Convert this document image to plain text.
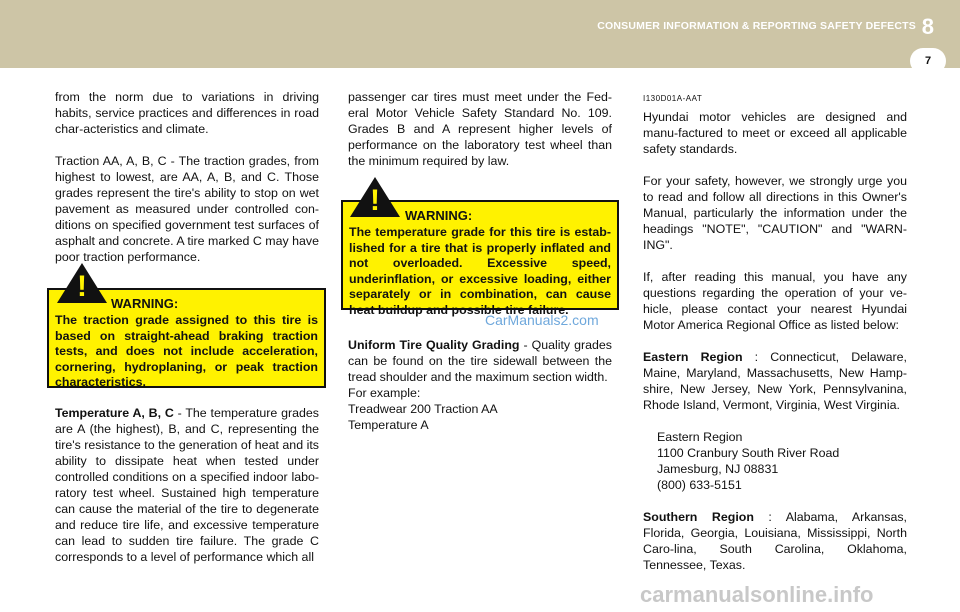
CONSUMER INFORMATION & REPORTING SAFETY DEFECTS 8
7

from the norm due to variations in driving habits, service practices and differences in road char-acteristics and climate.

Traction AA, A, B, C - The traction grades, from highest to lowest, are AA, A, B, and C. Those grades represent the tire's ability to stop on wet pavement as measured under controlled con-ditions on specified government test surfaces of asphalt and concrete. A tire marked C may have poor traction performance.

WARNING:
The traction grade assigned to this tire is based on straight-ahead braking traction tests, and does not include acceleration, cornering, hydroplaning, or peak traction characteristics.
!

Temperature A, B, C - The temperature grades are A (the highest), B, and C, representing the tire's resistance to the generation of heat and its ability to dissipate heat when tested under controlled conditions on a specified indoor labo-ratory test wheel. Sustained high temperature can cause the material of the tire to degenerate and reduce tire life, and excessive temperature can lead to sudden tire failure. The grade C corresponds to a level of performance which all

passenger car tires must meet under the Fed-eral Motor Vehicle Safety Standard No. 109. Grades B and A represent higher levels of performance on the laboratory test wheel than the minimum required by law.

WARNING:
The temperature grade for this tire is estab-lished for a tire that is properly inflated and not overloaded. Excessive speed, underinflation, or excessive loading, either separately or in combination, can cause heat buildup and possible tire failure.
!
CarManuals2.com
Uniform Tire Quality Grading - Quality grades can be found on the tire sidewall between the tread shoulder and the maximum section width.
For example:
Treadwear 200 Traction AA
Temperature A
I130D01A-AAT

Hyundai motor vehicles are designed and manu-factured to meet or exceed all applicable safety standards.

For your safety, however, we strongly urge you to read and follow all directions in this Owner's Manual, particularly the information under the headings "NOTE", "CAUTION" and "WARN-ING".

If, after reading this manual, you have any questions regarding the operation of your ve-hicle, please contact your nearest Hyundai Motor America Regional Office as listed below:

Eastern Region : Connecticut, Delaware, Maine, Maryland, Massachusetts, New Hamp-shire, New Jersey, New York, Pennsylvanina, Rhode Island, Vermont, Virginia, West Virginia.

Eastern Region
1100 Cranbury South River Road
Jamesburg, NJ 08831
(800) 633-5151

Southern Region : Alabama, Arkansas, Florida, Georgia, Louisiana, Mississippi, North Caro-lina, South Carolina, Oklahoma, Tennessee, Texas.

carmanualsonline.info
